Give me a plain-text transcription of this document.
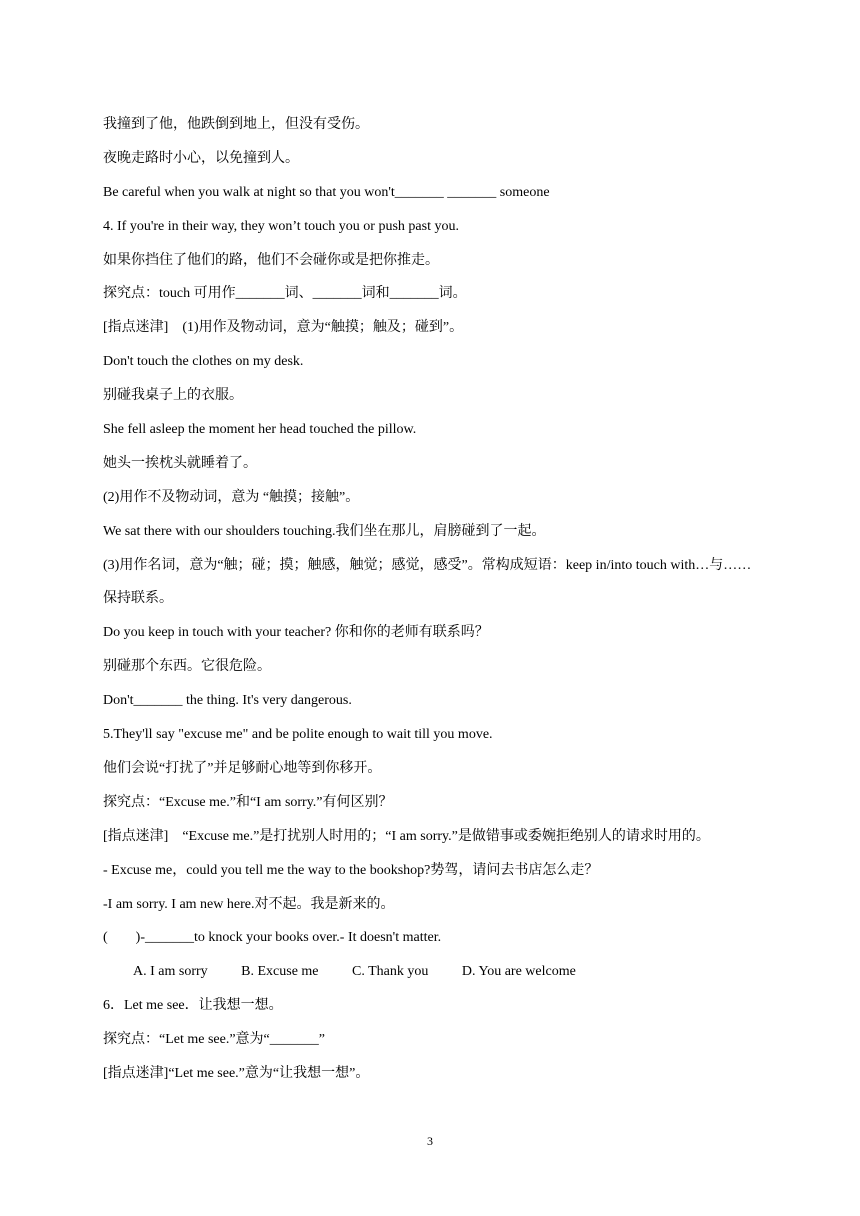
我撞到了他，他跌倒到地上，但没有受伤。
夜晚走路时小心，以免撞到人。
Be careful when you walk at night so that you won't_______ _______ someone
4. If you're in their way, they won’t touch you or push past you.
如果你挡住了他们的路，他们不会碰你或是把你推走。
探究点：touch 可用作_______词、_______词和_______词。
[指点迷津]　(1)用作及物动词，意为“触摸；触及；碰到”。
Don't touch the clothes on my desk.
别碰我桌子上的衣服。
She fell asleep the moment her head touched the pillow.
她头一挨枕头就睡着了。
(2)用作不及物动词，意为 “触摸；接触”。
We sat there with our shoulders touching.我们坐在那儿，肩膀碰到了一起。
(3)用作名词，意为“触；碰；摸；触感，触觉；感觉，感受”。常构成短语：keep in/into touch with…与……保持联系。
Do you keep in touch with your teacher? 你和你的老师有联系吗？
别碰那个东西。它很危险。
Don't_______ the thing. It's very dangerous.
5.They'll say "excuse me" and be polite enough to wait till you move.
他们会说“打扰了”并足够耐心地等到你移开。
探究点：“Excuse me.”和“I am sorry.”有何区别？
[指点迷津]　“Excuse me.”是打扰别人时用的；“I am sorry.”是做错事或委婉拒绝别人的请求时用的。
- Excuse me，could you tell me the way to the bookshop?势驾，请问去书店怎么走？
-I am sorry. I am new here.对不起。我是新来的。
(　　)-_______to knock your books over.- It doesn't matter.
A. I am sorry B. Excuse me C. Thank you D. You are welcome
6．Let me see．让我想一想。
探究点：“Let me see.”意为“_______”
[指点迷津]“Let me see.”意为“让我想一想”。
3
